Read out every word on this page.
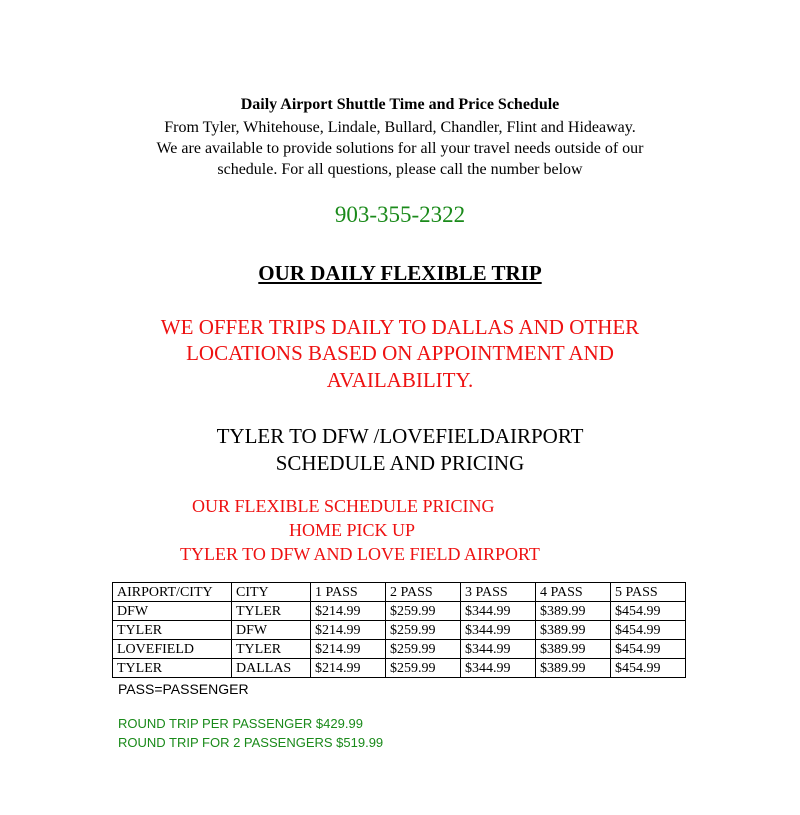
Daily Airport Shuttle Time and Price Schedule
From Tyler, Whitehouse, Lindale, Bullard, Chandler, Flint and Hideaway.
We are available to provide solutions for all your travel needs outside of our
schedule. For all questions, please call the number below
903-355-2322
OUR DAILY FLEXIBLE TRIP
WE OFFER TRIPS DAILY TO DALLAS AND OTHER
LOCATIONS BASED ON APPOINTMENT AND
AVAILABILITY.
TYLER TO DFW /LOVEFIELDAIRPORT
SCHEDULE AND PRICING
OUR FLEXIBLE SCHEDULE PRICING
HOME PICK UP
TYLER TO DFW AND LOVE FIELD AIRPORT
AIRPORT/CITY	CITY	1 PASS	2 PASS	3 PASS	4 PASS	5 PASS
DFW	TYLER	$214.99	$259.99	$344.99	$389.99	$454.99
TYLER	DFW	$214.99	$259.99	$344.99	$389.99	$454.99
LOVEFIELD	TYLER	$214.99	$259.99	$344.99	$389.99	$454.99
TYLER	DALLAS	$214.99	$259.99	$344.99	$389.99	$454.99
PASS=PASSENGER
ROUND TRIP PER PASSENGER $429.99
ROUND TRIP FOR 2 PASSENGERS $519.99
